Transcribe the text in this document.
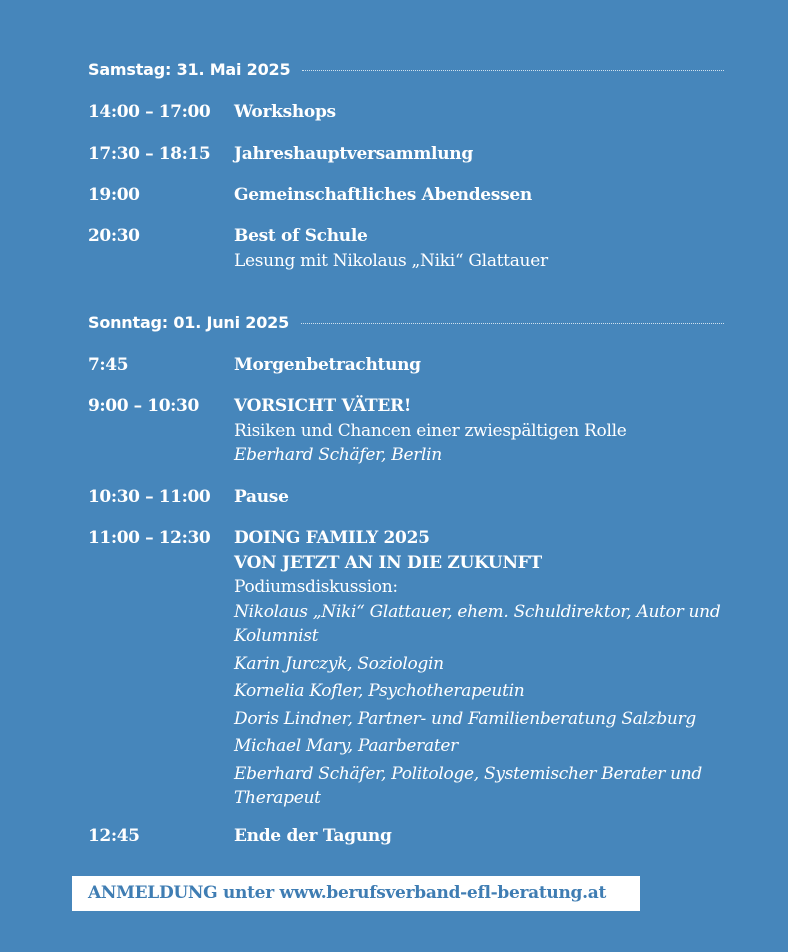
Samstag: 31. Mai 2025
14:00 – 17:00	Workshops
17:30 – 18:15	Jahreshauptversammlung
19:00	Gemeinschaftliches Abendessen
20:30	Best of Schule
Lesung mit Nikolaus „Niki“ Glattauer
Sonntag: 01. Juni 2025
7:45	Morgenbetrachtung
9:00 – 10:30	VORSICHT VÄTER!
Risiken und Chancen einer zwiespältigen Rolle
Eberhard Schäfer, Berlin
10:30 – 11:00	Pause
11:00 – 12:30	DOING FAMILY 2025
VON JETZT AN IN DIE ZUKUNFT
Podiumsdiskussion:
Nikolaus „Niki“ Glattauer, ehem. Schuldirektor, Autor und Kolumnist
Karin Jurczyk, Soziologin
Kornelia Kofler, Psychotherapeutin
Doris Lindner, Partner- und Familienberatung Salzburg
Michael Mary, Paarberater
Eberhard Schäfer, Politologe, Systemischer Berater und Therapeut
12:45	Ende der Tagung
ANMELDUNG unter www.berufsverband-efl-beratung.at
